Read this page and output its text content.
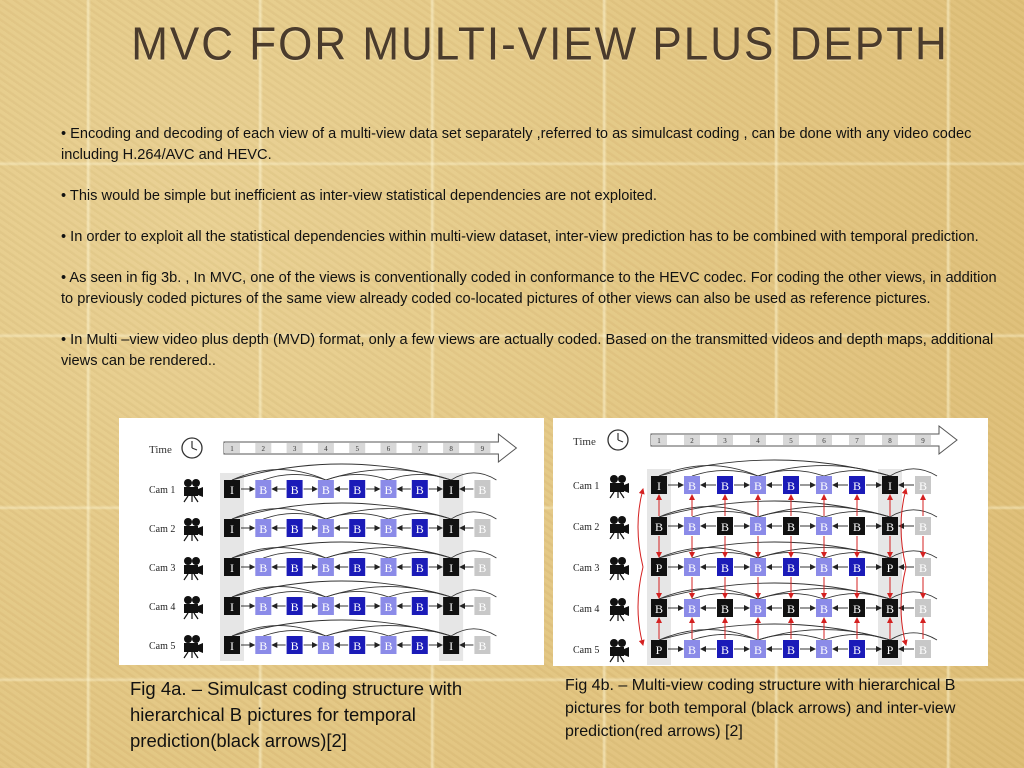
MVC FOR MULTI-VIEW PLUS DEPTH

• Encoding and decoding of each view of a multi-view data set separately ,referred to as simulcast coding , can be done with any video codec including H.264/AVC and HEVC.

• This would be simple but inefficient as inter-view statistical dependencies are not exploited.

• In order to exploit all the statistical dependencies within multi-view dataset, inter-view prediction has to be combined with temporal prediction.

• As seen in fig 3b. , In MVC, one of the views is conventionally coded in conformance to the HEVC codec. For coding the other views, in addition to previously coded pictures of the same view already coded co-located pictures of other views can also be used as reference pictures.

• In Multi –view video plus depth (MVD) format, only a few views are actually coded. Based on the transmitted videos and depth maps, additional views can be rendered..

Time	1	2	3	4	5	6	7	8	9
Cam 1	I B B B B B B I B
Cam 2	I B B B B B B I B
Cam 3	I B B B B B B I B
Cam 4	I B B B B B B I B
Cam 5	I B B B B B B I B
Time	1	2	3	4	5	6	7	8	9
Cam 1	I B B B B B B I B
Cam 2	B B B B B B B B B
Cam 3	P B B B B B B P B
Cam 4	B B B B B B B B B
Cam 5	P B B B B B B P B
Fig 4a. – Simulcast coding structure with hierarchical B pictures for temporal prediction(black arrows)[2]
Fig 4b. – Multi-view coding structure with hierarchical B pictures for both temporal (black arrows) and inter-view prediction(red arrows) [2]
